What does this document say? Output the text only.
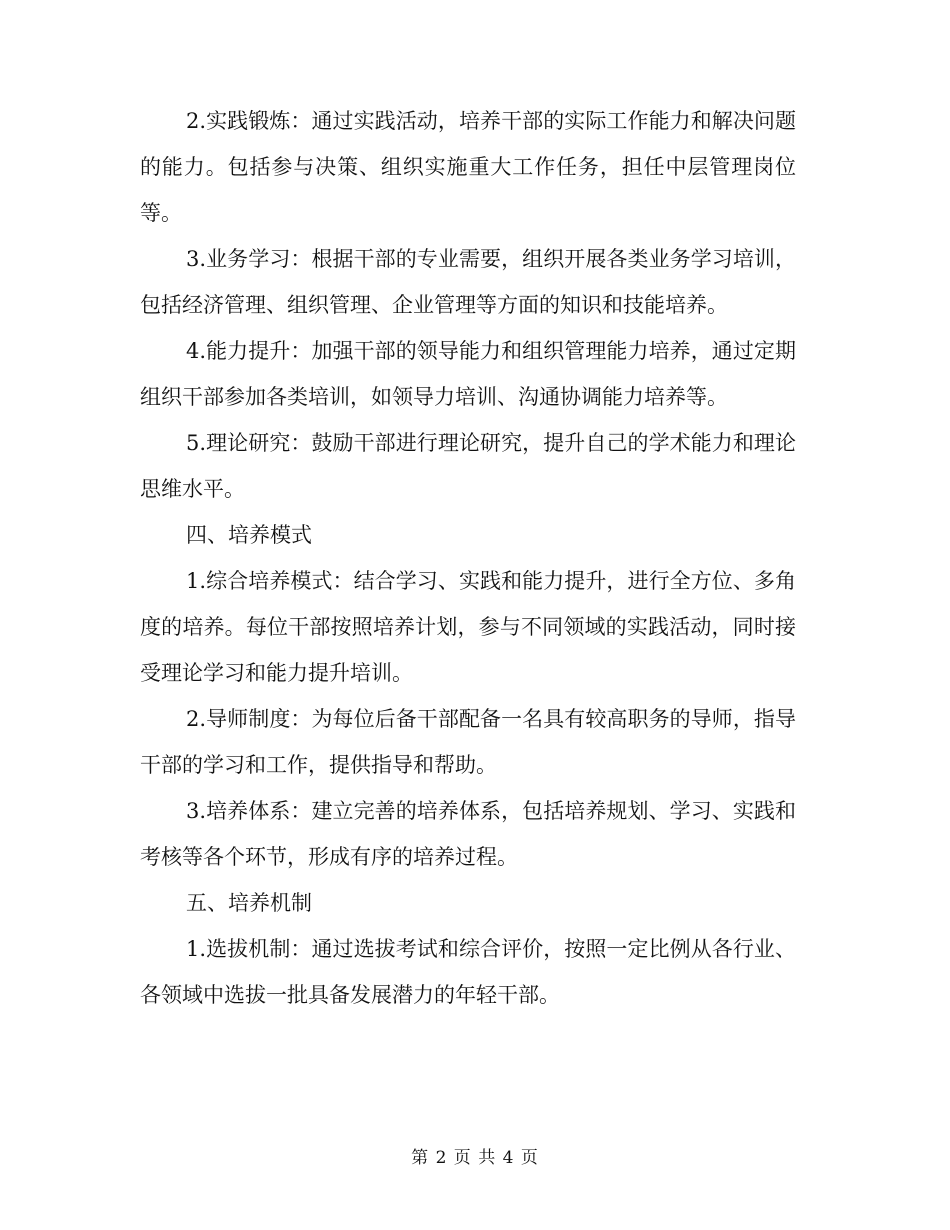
2.实践锻炼：通过实践活动，培养干部的实际工作能力和解决问题的能力。包括参与决策、组织实施重大工作任务，担任中层管理岗位等。

3.业务学习：根据干部的专业需要，组织开展各类业务学习培训，包括经济管理、组织管理、企业管理等方面的知识和技能培养。

4.能力提升：加强干部的领导能力和组织管理能力培养，通过定期组织干部参加各类培训，如领导力培训、沟通协调能力培养等。

5.理论研究：鼓励干部进行理论研究，提升自己的学术能力和理论思维水平。

四、培养模式

1.综合培养模式：结合学习、实践和能力提升，进行全方位、多角度的培养。每位干部按照培养计划，参与不同领域的实践活动，同时接受理论学习和能力提升培训。

2.导师制度：为每位后备干部配备一名具有较高职务的导师，指导干部的学习和工作，提供指导和帮助。

3.培养体系：建立完善的培养体系，包括培养规划、学习、实践和考核等各个环节，形成有序的培养过程。

五、培养机制

1.选拔机制：通过选拔考试和综合评价，按照一定比例从各行业、各领域中选拔一批具备发展潜力的年轻干部。

第 2 页 共 4 页
